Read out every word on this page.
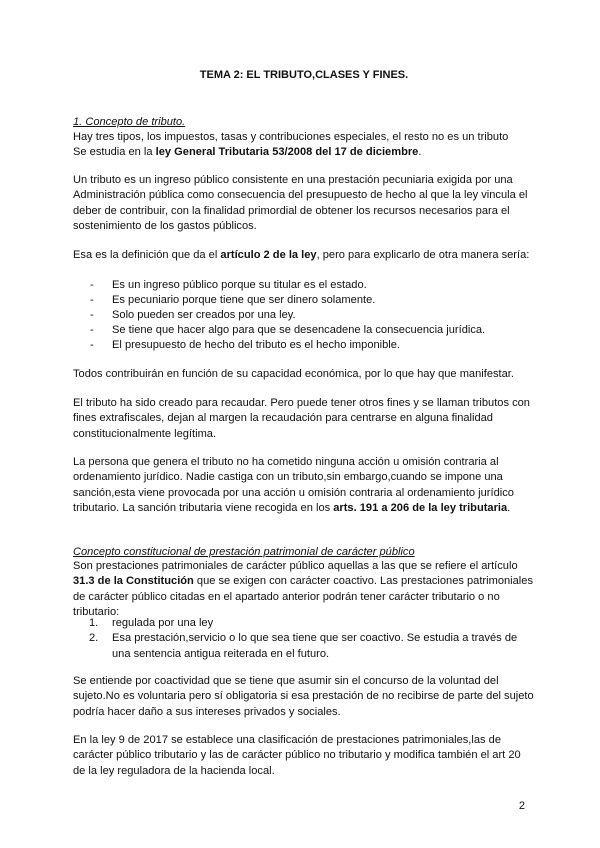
TEMA 2: EL TRIBUTO,CLASES Y FINES.

1. Concepto de tributo.

Hay tres tipos, los impuestos, tasas y contribuciones especiales, el resto no es un tributo

Se estudia en la ley General Tributaria 53/2008 del 17 de diciembre.

Un tributo es un ingreso público consistente en una prestación pecuniaria exigida por una Administración pública como consecuencia del presupuesto de hecho al que la ley vincula el deber de contribuir, con la finalidad primordial de obtener los recursos necesarios para el sostenimiento de los gastos públicos.

Esa es la definición que da el artículo 2 de la ley, pero para explicarlo de otra manera sería:

- Es un ingreso público porque su titular es el estado.
- Es pecuniario porque tiene que ser dinero solamente.
- Solo pueden ser creados por una ley.
- Se tiene que hacer algo para que se desencadene la consecuencia jurídica.
- El presupuesto de hecho del tributo es el hecho imponible.

Todos contribuirán en función de su capacidad económica, por lo que hay que manifestar.

El tributo ha sido creado para recaudar. Pero puede tener otros fines y se llaman tributos con fines extrafiscales, dejan al margen la recaudación para centrarse en alguna finalidad constitucionalmente legítima.

La persona que genera el tributo no ha cometido ninguna acción u omisión contraria al ordenamiento jurídico. Nadie castiga con un tributo,sin embargo,cuando se impone una sanción,esta viene provocada por una acción u omisión contraria al ordenamiento jurídico tributario. La sanción tributaria viene recogida en los arts. 191 a 206 de la ley tributaria.

Concepto constitucional de prestación patrimonial de carácter público

Son prestaciones patrimoniales de carácter público aquellas a las que se refiere el artículo 31.3 de la Constitución que se exigen con carácter coactivo. Las prestaciones patrimoniales de carácter público citadas en el apartado anterior podrán tener carácter tributario o no tributario:

1. regulada por una ley
2. Esa prestación,servicio o lo que sea tiene que ser coactivo. Se estudia a través de una sentencia antigua reiterada en el futuro.

Se entiende por coactividad que se tiene que asumir sin el concurso de la voluntad del sujeto.No es voluntaria pero sí obligatoria si esa prestación de no recibirse de parte del sujeto podría hacer daño a sus intereses privados y sociales.

En la ley 9 de 2017 se establece una clasificación de prestaciones patrimoniales,las de carácter público tributario y las de carácter público no tributario y modifica también el art 20 de la ley reguladora de la hacienda local.

2
